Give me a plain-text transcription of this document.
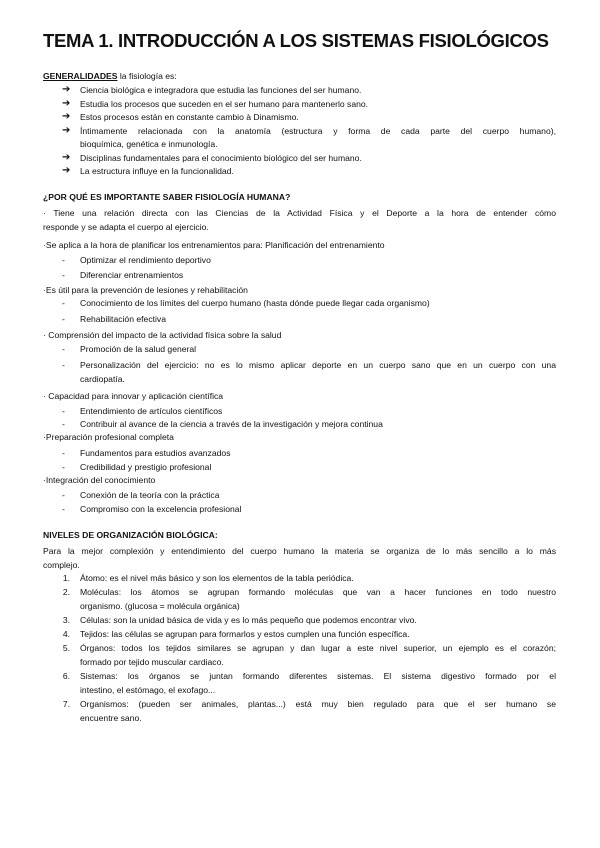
TEMA 1. INTRODUCCIÓN A LOS SISTEMAS FISIOLÓGICOS
GENERALIDADES la fisiología es:
➔ Ciencia biológica e integradora que estudia las funciones del ser humano.
➔ Estudia los procesos que suceden en el ser humano para mantenerlo sano.
➔ Estos procesos están en constante cambio à Dinamismo.
➔ Íntimamente relacionada con la anatomía (estructura y forma de cada parte del cuerpo humano),
bioquímica, genética e inmunología.
➔ Disciplinas fundamentales para el conocimiento biológico del ser humano.
➔ La estructura influye en la funcionalidad.
¿POR QUÉ ES IMPORTANTE SABER FISIOLOGÍA HUMANA?
· Tiene una relación directa con las Ciencias de la Actividad Física y el Deporte a la hora de entender cómo
responde y se adapta el cuerpo al ejercicio.
·Se aplica a la hora de planificar los entrenamientos para: Planificación del entrenamiento
- Optimizar el rendimiento deportivo
- Diferenciar entrenamientos
·Es útil para la prevención de lesiones y rehabilitación
- Conocimiento de los límites del cuerpo humano (hasta dónde puede llegar cada organismo)
- Rehabilitación efectiva
· Comprensión del impacto de la actividad física sobre la salud
- Promoción de la salud general
- Personalización del ejercicio: no es lo mismo aplicar deporte en un cuerpo sano que en un cuerpo con una
cardiopatía.
· Capacidad para innovar y aplicación científica
- Entendimiento de artículos científicos
- Contribuir al avance de la ciencia a través de la investigación y mejora continua
·Preparación profesional completa
- Fundamentos para estudios avanzados
- Credibilidad y prestigio profesional
·Integración del conocimiento
- Conexión de la teoría con la práctica
- Compromiso con la excelencia profesional
NIVELES DE ORGANIZACIÓN BIOLÓGICA:
Para la mejor complexión y entendimiento del cuerpo humano la materia se organiza de lo más sencillo a lo más
complejo.
1. Átomo: es el nivel más básico y son los elementos de la tabla periódica.
2. Moléculas: los átomos se agrupan formando moléculas que van a hacer funciones en todo nuestro
organismo. (glucosa = molécula orgánica)
3. Células: son la unidad básica de vida y es lo más pequeño que podemos encontrar vivo.
4. Tejidos: las células se agrupan para formarlos y estos cumplen una función específica.
5. Órganos: todos los tejidos similares se agrupan y dan lugar a este nivel superior, un ejemplo es el corazón;
formado por tejido muscular cardiaco.
6. Sistemas: los órganos se juntan formando diferentes sistemas. El sistema digestivo formado por el
intestino, el estómago, el exofago...
7. Organismos: (pueden ser animales, plantas...) está muy bien regulado para que el ser humano se
encuentre sano.
